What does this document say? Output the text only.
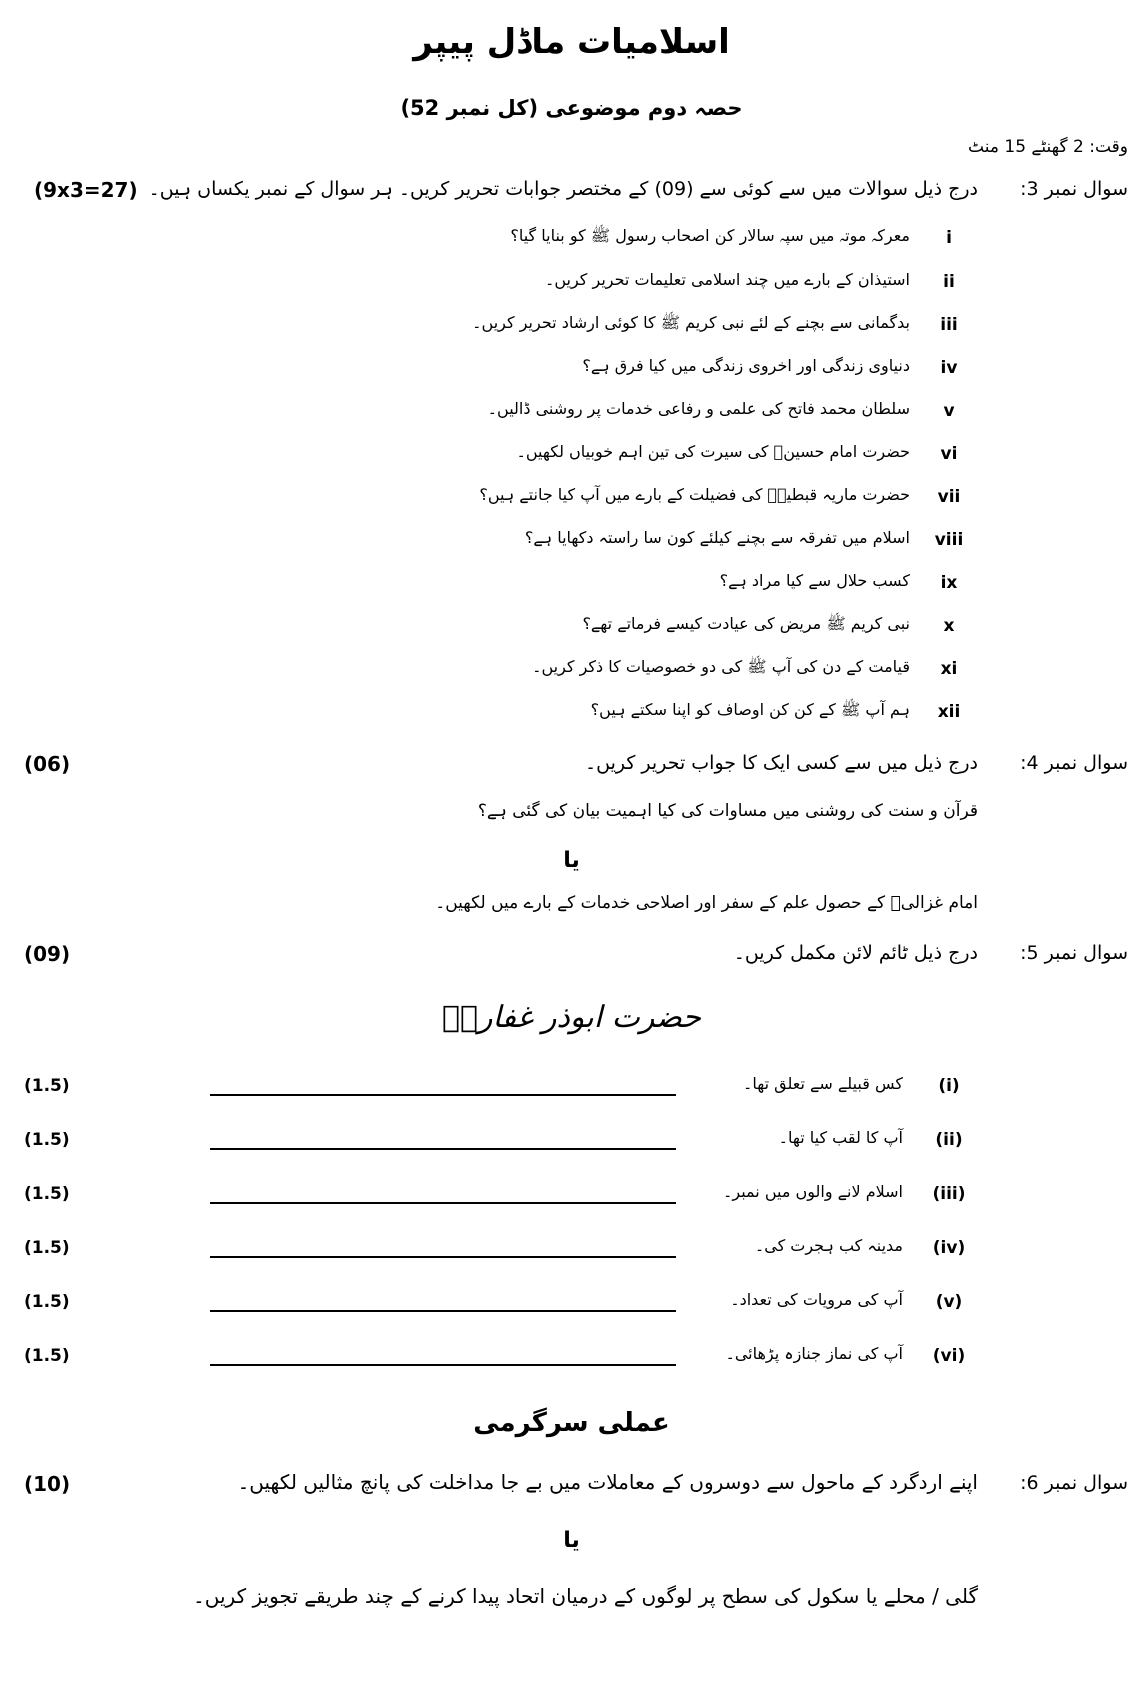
اسلامیات ماڈل پیپر
حصہ دوم موضوعی (کل نمبر 52)
وقت: 2 گھنٹے 15 منٹ
سوال نمبر 3:
درج ذیل سوالات میں سے کوئی سے (09) کے مختصر جوابات تحریر کریں۔ ہر سوال کے نمبر یکساں ہیں۔
(9x3=27)
i
معرکہ موتہ میں سپہ سالار کن اصحاب رسول ﷺ کو بنایا گیا؟
ii
استیذان کے بارے میں چند اسلامی تعلیمات تحریر کریں۔
iii
بدگمانی سے بچنے کے لئے نبی کریم ﷺ کا کوئی ارشاد تحریر کریں۔
iv
دنیاوی زندگی اور اخروی زندگی میں کیا فرق ہے؟
v
سلطان محمد فاتح کی علمی و رفاعی خدمات پر روشنی ڈالیں۔
vi
حضرت امام حسینؓ کی سیرت کی تین اہم خوبیاں لکھیں۔
vii
حضرت ماریہ قبطیہؓ کی فضیلت کے بارے میں آپ کیا جانتے ہیں؟
viii
اسلام میں تفرقہ سے بچنے کیلئے کون سا راستہ دکھایا ہے؟
ix
کسب حلال سے کیا مراد ہے؟
x
نبی کریم ﷺ مریض کی عیادت کیسے فرماتے تھے؟
xi
قیامت کے دن کی آپ ﷺ کی دو خصوصیات کا ذکر کریں۔
xii
ہم آپ ﷺ کے کن کن اوصاف کو اپنا سکتے ہیں؟
سوال نمبر 4:
درج ذیل میں سے کسی ایک کا جواب تحریر کریں۔
(06)
قرآن و سنت کی روشنی میں مساوات کی کیا اہمیت بیان کی گئی ہے؟
یا
امام غزالیؒ کے حصول علم کے سفر اور اصلاحی خدمات کے بارے میں لکھیں۔
سوال نمبر 5:
درج ذیل ٹائم لائن مکمل کریں۔
(09)
حضرت ابوذر غفاریؓ
(i)
کس قبیلے سے تعلق تھا۔
(1.5)
(ii)
آپ کا لقب کیا تھا۔
(1.5)
(iii)
اسلام لانے والوں میں نمبر۔
(1.5)
(iv)
مدینہ کب ہجرت کی۔
(1.5)
(v)
آپ کی مرویات کی تعداد۔
(1.5)
(vi)
آپ کی نماز جنازہ پڑھائی۔
(1.5)
عملی سرگرمی
سوال نمبر 6:
اپنے اردگرد کے ماحول سے دوسروں کے معاملات میں بے جا مداخلت کی پانچ مثالیں لکھیں۔
(10)
یا
گلی / محلے یا سکول کی سطح پر لوگوں کے درمیان اتحاد پیدا کرنے کے چند طریقے تجویز کریں۔
